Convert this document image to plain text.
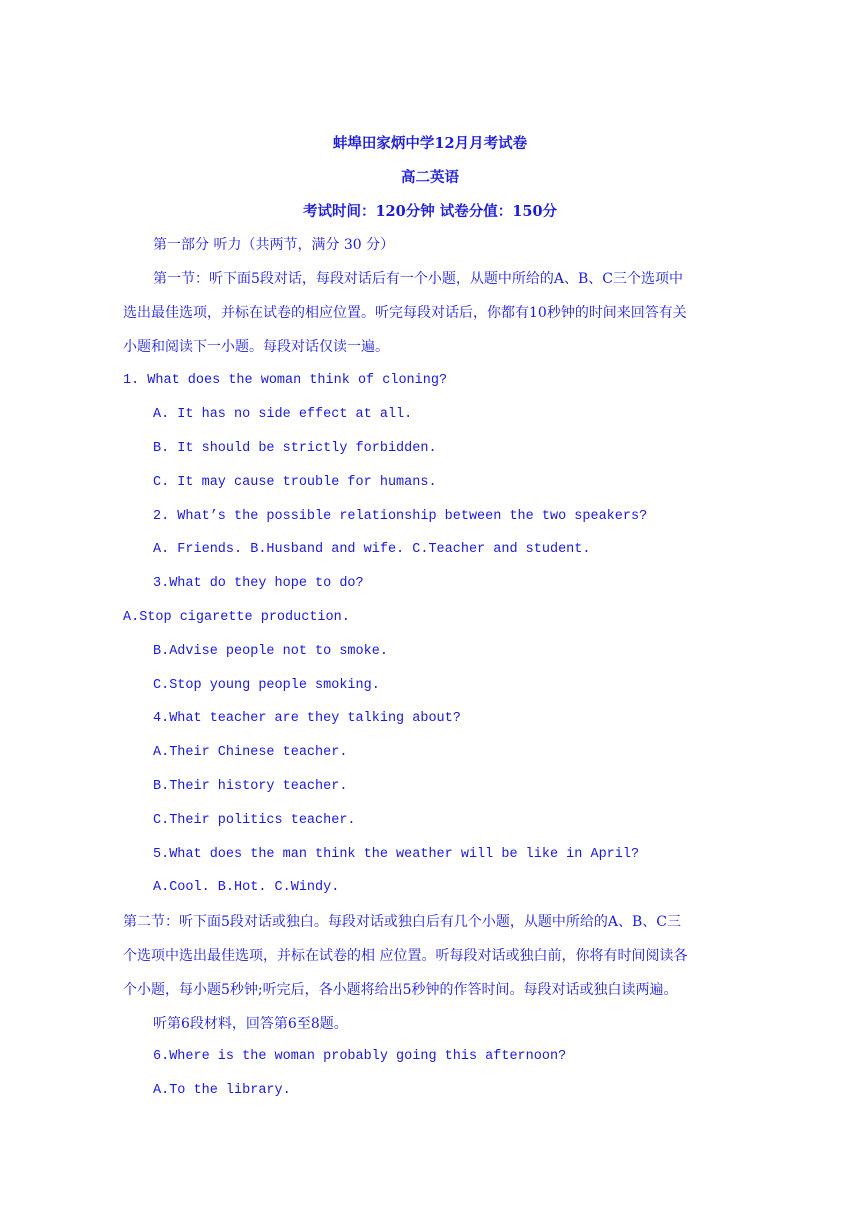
蚌埠田家炳中学12月月考试卷
高二英语
考试时间：120分钟 试卷分值：150分
第一部分 听力（共两节，满分 30 分）
第一节：听下面5段对话，每段对话后有一个小题，从题中所给的A、B、C三个选项中
选出最佳选项，并标在试卷的相应位置。听完每段对话后，你都有10秒钟的时间来回答有关
小题和阅读下一小题。每段对话仅读一遍。
1. What does the woman think of cloning?
A. It has no side effect at all.
B. It should be strictly forbidden.
C. It may cause trouble for humans.
2. What’s the possible relationship between the two speakers?
A. Friends. B.Husband and wife. C.Teacher and student.
3.What do they hope to do?
A.Stop cigarette production.
B.Advise people not to smoke.
C.Stop young people smoking.
4.What teacher are they talking about?
A.Their Chinese teacher.
B.Their history teacher.
C.Their politics teacher.
5.What does the man think the weather will be like in April?
A.Cool. B.Hot. C.Windy.
第二节：听下面5段对话或独白。每段对话或独白后有几个小题，从题中所给的A、B、C三
个选项中选出最佳选项，并标在试卷的相 应位置。听每段对话或独白前，你将有时间阅读各
个小题，每小题5秒钟;听完后，各小题将给出5秒钟的作答时间。每段对话或独白读两遍。
听第6段材料，回答第6至8题。
6.Where is the woman probably going this afternoon?
A.To the library.
